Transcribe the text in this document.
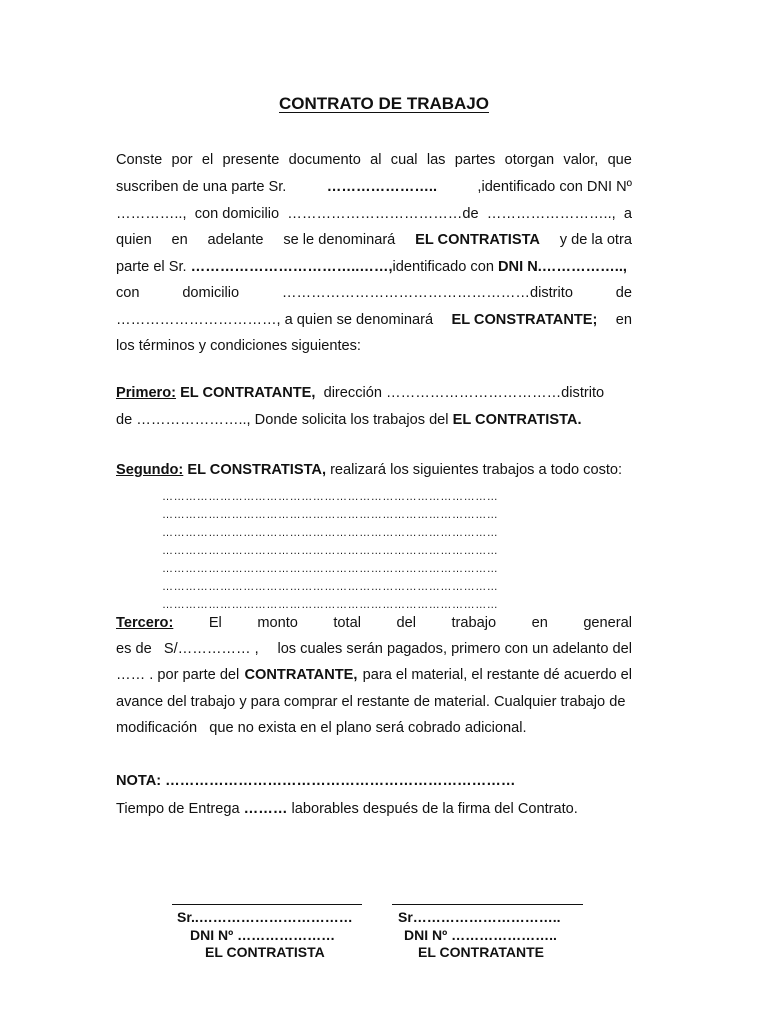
CONTRATO DE TRABAJO
Conste por el presente documento al cual las partes otorgan valor, que
suscriben de una parte Sr.	…………………..	,identificado con DNI Nº
………….., con domicilio ………………………………de …………………….., a
quien en adelante se le denominará EL CONTRATISTA y de la otra
parte el Sr. ……………………………..……,identificado con DNI N.……………..,
con	domicilio	……………………………………………distrito	de
……………………………, a quien se denominará EL CONSTRATANTE; en
los términos y condiciones siguientes:
Primero: EL CONTRATANTE, dirección ………………………………distrito
de ………………….., Donde solicita los trabajos del EL CONTRATISTA.
Segundo: EL CONSTRATISTA, realizará los siguientes trabajos a todo costo:
……………………………………………………………………………
……………………………………………………………………………
……………………………………………………………………………
……………………………………………………………………………
……………………………………………………………………………
……………………………………………………………………………
……………………………………………………………………………
Tercero: El monto total del trabajo en general
es de   S/…………… , los cuales serán pagados, primero con un adelanto del
…… . por parte del CONTRATANTE, para el material, el restante dé acuerdo el
avance del trabajo y para comprar el restante de material. Cualquier trabajo de
modificación   que no exista en el plano será cobrado adicional.
NOTA: ………………………………………………………………
Tiempo de Entrega ……… laborables después de la firma del Contrato.
Sr..……………………………
DNI Nº …………………
EL CONTRATISTA
Sr…………………………..
DNI Nº …………………..
EL CONTRATANTE
